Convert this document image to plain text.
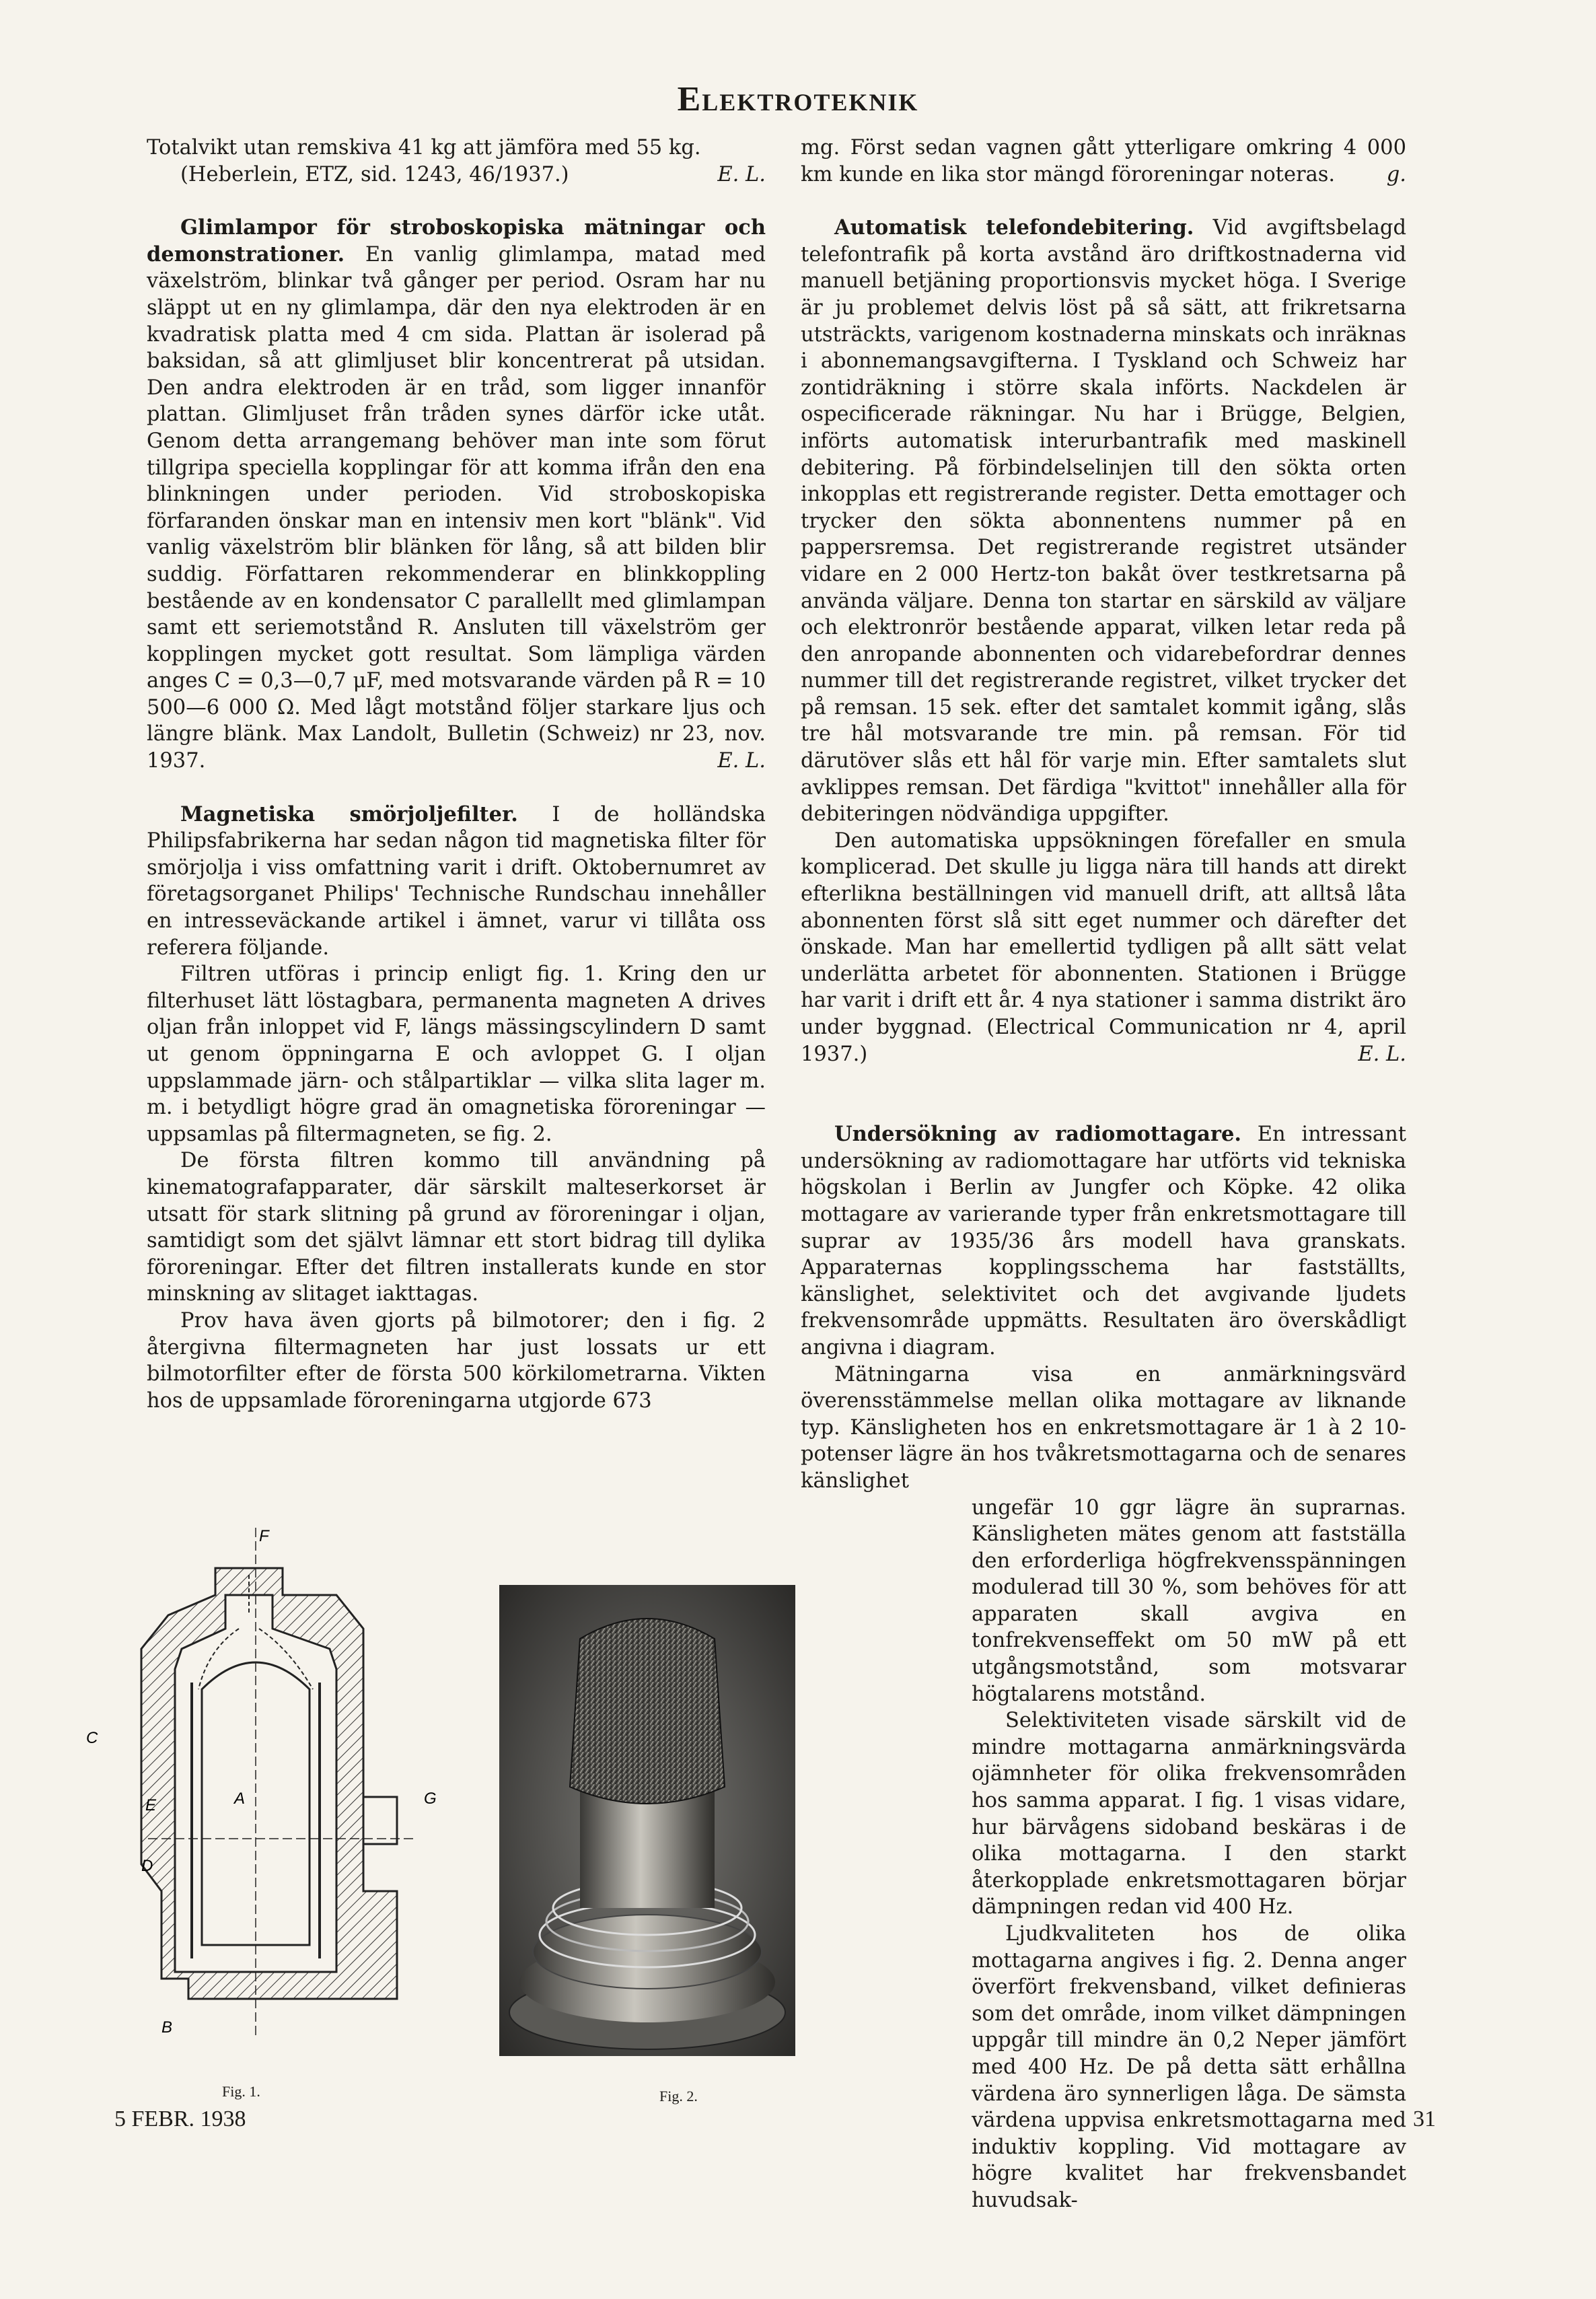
Elektroteknik

Totalvikt utan remskiva 41 kg att jämföra med 55 kg.

(Heberlein, ETZ, sid. 1243, 46/1937.)	E. L.

Glimlampor för stroboskopiska mätningar och demonstrationer. En vanlig glimlampa, matad med växelström, blinkar två gånger per period. Osram har nu släppt ut en ny glimlampa, där den nya elektroden är en kvadratisk platta med 4 cm sida. Plattan är isolerad på baksidan, så att glimljuset blir koncentrerat på utsidan. Den andra elektroden är en tråd, som ligger innanför plattan. Glimljuset från tråden synes därför icke utåt. Genom detta arrangemang behöver man inte som förut tillgripa speciella kopplingar för att komma ifrån den ena blinkningen under perioden. Vid stroboskopiska förfaranden önskar man en intensiv men kort "blänk". Vid vanlig växelström blir blänken för lång, så att bilden blir suddig. Författaren rekommenderar en blinkkoppling bestående av en kondensator C parallellt med glimlampan samt ett seriemotstånd R. Ansluten till växelström ger kopplingen mycket gott resultat. Som lämpliga värden anges C = 0,3—0,7 μF, med motsvarande värden på R = 10 500—6 000 Ω. Med lågt motstånd följer starkare ljus och längre blänk. Max Landolt, Bulletin (Schweiz) nr 23, nov. 1937.	E. L.

Magnetiska smörjoljefilter. I de holländska Philipsfabrikerna har sedan någon tid magnetiska filter för smörjolja i viss omfattning varit i drift. Oktobernumret av företagsorganet Philips' Technische Rundschau innehåller en intresseväckande artikel i ämnet, varur vi tillåta oss referera följande.

Filtren utföras i princip enligt fig. 1. Kring den ur filterhuset lätt löstagbara, permanenta magneten A drives oljan från inloppet vid F, längs mässingscylindern D samt ut genom öppningarna E och avloppet G. I oljan uppslammade järn- och stålpartiklar — vilka slita lager m. m. i betydligt högre grad än omagnetiska föroreningar — uppsamlas på filtermagneten, se fig. 2.

De första filtren kommo till användning på kinematografapparater, där särskilt malteserkorset är utsatt för stark slitning på grund av föroreningar i oljan, samtidigt som det självt lämnar ett stort bidrag till dylika föroreningar. Efter det filtren installerats kunde en stor minskning av slitaget iakttagas.

Prov hava även gjorts på bilmotorer; den i fig. 2 återgivna filtermagneten har just lossats ur ett bilmotorfilter efter de första 500 körkilometrarna. Vikten hos de uppsamlade föroreningarna utgjorde 673

F
C
E	A	G
D
B
Fig. 1.	Fig. 2.

mg. Först sedan vagnen gått ytterligare omkring 4 000 km kunde en lika stor mängd föroreningar noteras.	g.

Automatisk telefondebitering. Vid avgiftsbelagd telefontrafik på korta avstånd äro driftkostnaderna vid manuell betjäning proportionsvis mycket höga. I Sverige är ju problemet delvis löst på så sätt, att frikretsarna utsträckts, varigenom kostnaderna minskats och inräknas i abonnemangsavgifterna. I Tyskland och Schweiz har zontidräkning i större skala införts. Nackdelen är ospecificerade räkningar. Nu har i Brügge, Belgien, införts automatisk interurbantrafik med maskinell debitering. På förbindelselinjen till den sökta orten inkopplas ett registrerande register. Detta emottager och trycker den sökta abonnentens nummer på en pappersremsa. Det registrerande registret utsänder vidare en 2 000 Hertz-ton bakåt över testkretsarna på använda väljare. Denna ton startar en särskild av väljare och elektronrör bestående apparat, vilken letar reda på den anropande abonnenten och vidarebefordrar dennes nummer till det registrerande registret, vilket trycker det på remsan. 15 sek. efter det samtalet kommit igång, slås tre hål motsvarande tre min. på remsan. För tid därutöver slås ett hål för varje min. Efter samtalets slut avklippes remsan. Det färdiga "kvittot" innehåller alla för debiteringen nödvändiga uppgifter.

Den automatiska uppsökningen förefaller en smula komplicerad. Det skulle ju ligga nära till hands att direkt efterlikna beställningen vid manuell drift, att alltså låta abonnenten först slå sitt eget nummer och därefter det önskade. Man har emellertid tydligen på allt sätt velat underlätta arbetet för abonnenten. Stationen i Brügge har varit i drift ett år. 4 nya stationer i samma distrikt äro under byggnad. (Electrical Communication nr 4, april 1937.)	E. L.

Undersökning av radiomottagare. En intressant undersökning av radiomottagare har utförts vid tekniska högskolan i Berlin av Jungfer och Köpke. 42 olika mottagare av varierande typer från enkretsmottagare till suprar av 1935/36 års modell hava granskats. Apparaternas kopplingsschema har fastställts, känslighet, selektivitet och det avgivande ljudets frekvensområde uppmätts. Resultaten äro överskådligt angivna i diagram.

Mätningarna visa en anmärkningsvärd överensstämmelse mellan olika mottagare av liknande typ. Känsligheten hos en enkretsmottagare är 1 à 2 10-potenser lägre än hos tvåkretsmottagarna och de senares känslighet

ungefär 10 ggr lägre än suprarnas. Känsligheten mätes genom att fastställa den erforderliga högfrekvensspänningen modulerad till 30 %, som behöves för att apparaten skall avgiva en tonfrekvenseffekt om 50 mW på ett utgångsmotstånd, som motsvarar högtalarens motstånd.

Selektiviteten visade särskilt vid de mindre mottagarna anmärkningsvärda ojämnheter för olika frekvensområden hos samma apparat. I fig. 1 visas vidare, hur bärvågens sidoband beskäras i de olika mottagarna. I den starkt återkopplade enkretsmottagaren börjar dämpningen redan vid 400 Hz.

Ljudkvaliteten hos de olika mottagarna angives i fig. 2. Denna anger överfört frekvensband, vilket definieras som det område, inom vilket dämpningen uppgår till mindre än 0,2 Neper jämfört med 400 Hz. De på detta sätt erhållna värdena äro synnerligen låga. De sämsta värdena uppvisa enkretsmottagarna med induktiv koppling. Vid mottagare av högre kvalitet har frekvensbandet huvudsak-

5 FEBR. 1938	31
